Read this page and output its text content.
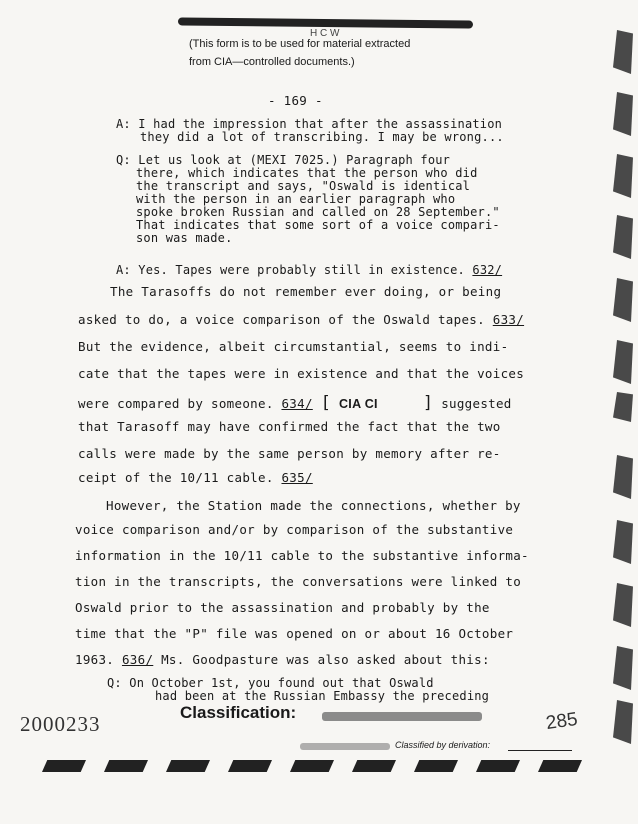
H C W
(This form is to be used for material extracted
from CIA—controlled documents.)
- 169 -
A: I had the impression that after the assassination
they did a lot of transcribing. I may be wrong...
Q: Let us look at (MEXI 7025.) Paragraph four
there, which indicates that the person who did
the transcript and says, "Oswald is identical
with the person in an earlier paragraph who
spoke broken Russian and called on 28 September."
That indicates that some sort of a voice compari-
son was made.
A: Yes. Tapes were probably still in existence. 632/
The Tarasoffs do not remember ever doing, or being
asked to do, a voice comparison of the Oswald tapes. 633/
But the evidence, albeit circumstantial, seems to indi-
cate that the tapes were in existence and that the voices
were compared by someone. 634/ [ CIA CI	] suggested
that Tarasoff may have confirmed the fact that the two
calls were made by the same person by memory after re-
ceipt of the 10/11 cable. 635/
However, the Station made the connections, whether by
voice comparison and/or by comparison of the substantive
information in the 10/11 cable to the substantive informa-
tion in the transcripts, the conversations were linked to
Oswald prior to the assassination and probably by the
time that the "P" file was opened on or about 16 October
1963. 636/ Ms. Goodpasture was also asked about this:
Q: On October 1st, you found out that Oswald
had been at the Russian Embassy the preceding
2000233	Classification:	285
Classified by derivation:
